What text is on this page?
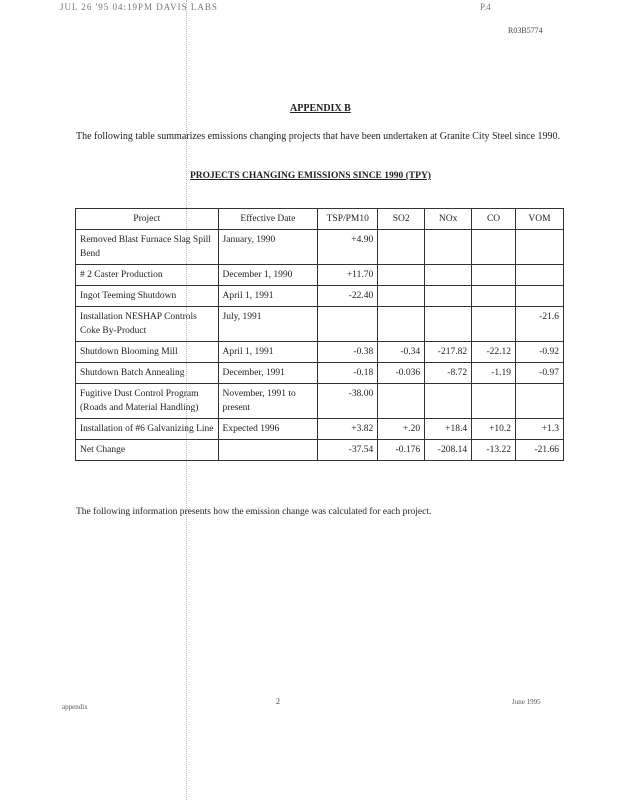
JUL 26 '95 04:19PM DAVIS LABS	P.4
R03B5774
APPENDIX B
The following table summarizes emissions changing projects that have been undertaken at Granite City Steel since 1990.
PROJECTS CHANGING EMISSIONS SINCE 1990 (TPY)
Project	Effective Date	TSP/PM10	SO2	NOx	CO	VOM
Removed Blast Furnace Slag Spill Bend	January, 1990	+4.90				
# 2 Caster Production	December 1, 1990	+11.70				
Ingot Teeming Shutdown	April 1, 1991	-22.40				
Installation NESHAP Controls Coke By-Product	July, 1991					-21.6
Shutdown Blooming Mill	April 1, 1991	-0.38	-0.34	-217.82	-22.12	-0.92
Shutdown Batch Annealing	December, 1991	-0.18	-0.036	-8.72	-1.19	-0.97
Fugitive Dust Control Program (Roads and Material Handling)	November, 1991 to present	-38.00				
Installation of #6 Galvanizing Line	Expected 1996	+3.82	+.20	+18.4	+10.2	+1.3
Net Change		-37.54	-0.176	-208.14	-13.22	-21.66
The following information presents how the emission change was calculated for each project.
appendix
2	June 1995
